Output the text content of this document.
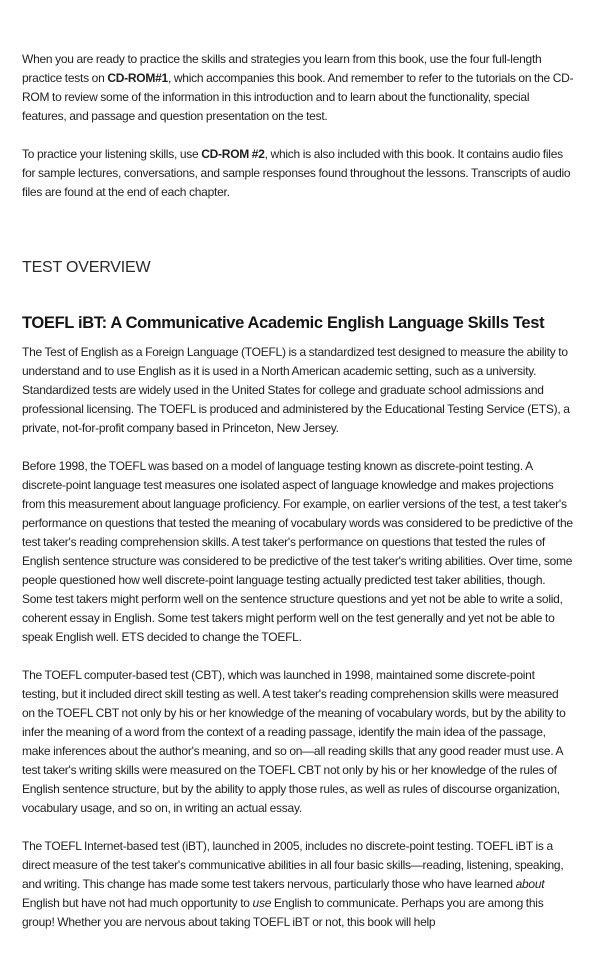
When you are ready to practice the skills and strategies you learn from this book, use the four full-length practice tests on CD-ROM#1, which accompanies this book. And remember to refer to the tutorials on the CD-ROM to review some of the information in this introduction and to learn about the functionality, special features, and passage and question presentation on the test.

To practice your listening skills, use CD-ROM #2, which is also included with this book. It contains audio files for sample lectures, conversations, and sample responses found throughout the lessons. Transcripts of audio files are found at the end of each chapter.

TEST OVERVIEW
TOEFL iBT: A Communicative Academic English Language Skills Test

The Test of English as a Foreign Language (TOEFL) is a standardized test designed to measure the ability to understand and to use English as it is used in a North American academic setting, such as a university. Standardized tests are widely used in the United States for college and graduate school admissions and professional licensing. The TOEFL is produced and administered by the Educational Testing Service (ETS), a private, not-for-profit company based in Princeton, New Jersey.

Before 1998, the TOEFL was based on a model of language testing known as discrete-point testing. A discrete-point language test measures one isolated aspect of language knowledge and makes projections from this measurement about language proficiency. For example, on earlier versions of the test, a test taker's performance on questions that tested the meaning of vocabulary words was considered to be predictive of the test taker's reading comprehension skills. A test taker's performance on questions that tested the rules of English sentence structure was considered to be predictive of the test taker's writing abilities. Over time, some people questioned how well discrete-point language testing actually predicted test taker abilities, though. Some test takers might perform well on the sentence structure questions and yet not be able to write a solid, coherent essay in English. Some test takers might perform well on the test generally and yet not be able to speak English well. ETS decided to change the TOEFL.

The TOEFL computer-based test (CBT), which was launched in 1998, maintained some discrete-point testing, but it included direct skill testing as well. A test taker's reading comprehension skills were measured on the TOEFL CBT not only by his or her knowledge of the meaning of vocabulary words, but by the ability to infer the meaning of a word from the context of a reading passage, identify the main idea of the passage, make inferences about the author's meaning, and so on—all reading skills that any good reader must use. A test taker's writing skills were measured on the TOEFL CBT not only by his or her knowledge of the rules of English sentence structure, but by the ability to apply those rules, as well as rules of discourse organization, vocabulary usage, and so on, in writing an actual essay.

The TOEFL Internet-based test (iBT), launched in 2005, includes no discrete-point testing. TOEFL iBT is a direct measure of the test taker's communicative abilities in all four basic skills—reading, listening, speaking, and writing. This change has made some test takers nervous, particularly those who have learned about English but have not had much opportunity to use English to communicate. Perhaps you are among this group! Whether you are nervous about taking TOEFL iBT or not, this book will help
